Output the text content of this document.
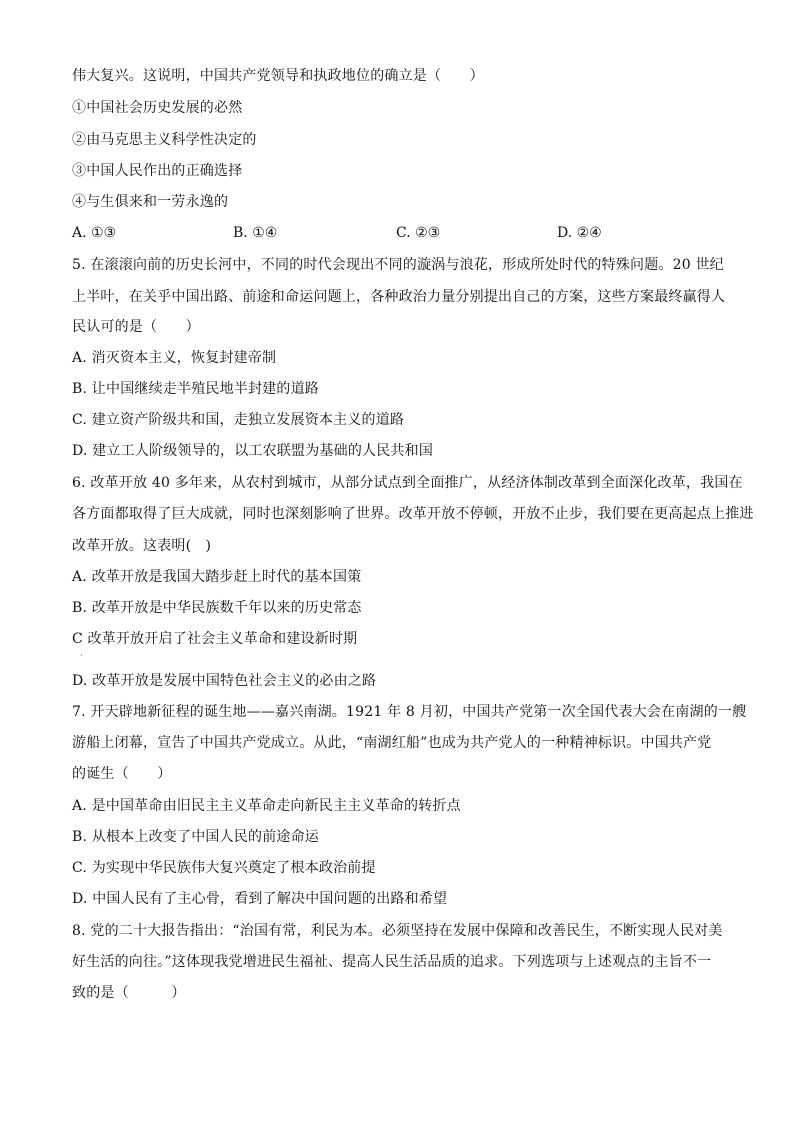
伟大复兴。这说明，中国共产党领导和执政地位的确立是（　　）
①中国社会历史发展的必然
②由马克思主义科学性决定的
③中国人民作出的正确选择
④与生俱来和一劳永逸的
A. ①③	B. ①④	C. ②③	D. ②④
5. 在滚滚向前的历史长河中，不同的时代会现出不同的漩涡与浪花，形成所处时代的特殊问题。20 世纪
上半叶，在关乎中国出路、前途和命运问题上，各种政治力量分别提出自己的方案，这些方案最终赢得人
民认可的是（　　）
A. 消灭资本主义，恢复封建帝制
B. 让中国继续走半殖民地半封建的道路
C. 建立资产阶级共和国，走独立发展资本主义的道路
D. 建立工人阶级领导的，以工农联盟为基础的人民共和国
6. 改革开放 40 多年来，从农村到城市，从部分试点到全面推广，从经济体制改革到全面深化改革，我国在
各方面都取得了巨大成就，同时也深刻影响了世界。改革开放不停顿，开放不止步，我们要在更高起点上推进
改革开放。这表明(　)
A. 改革开放是我国大踏步赶上时代的基本国策
B. 改革开放是中华民族数千年以来的历史常态
C 改革开放开启了社会主义革命和建设新时期
·
D. 改革开放是发展中国特色社会主义的必由之路
7. 开天辟地新征程的诞生地——嘉兴南湖。1921 年 8 月初，中国共产党第一次全国代表大会在南湖的一艘
游船上闭幕，宣告了中国共产党成立。从此，“南湖红船”也成为共产党人的一种精神标识。中国共产党
的诞生（　　）
A. 是中国革命由旧民主主义革命走向新民主主义革命的转折点
B. 从根本上改变了中国人民的前途命运
C. 为实现中华民族伟大复兴奠定了根本政治前提
D. 中国人民有了主心骨，看到了解决中国问题的出路和希望
8. 党的二十大报告指出：“治国有常，利民为本。必须坚持在发展中保障和改善民生，不断实现人民对美
好生活的向往。”这体现我党增进民生福祉、提高人民生活品质的追求。下列选项与上述观点的主旨不一
致的是（　　　）
